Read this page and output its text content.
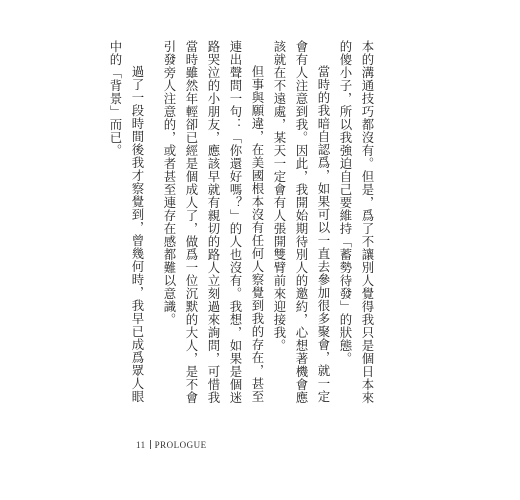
本的溝通技巧都沒有。但是，爲了不讓別人覺得我只是個日本來的傻小子，所以我強迫自己要維持「蓄勢待發」的狀態。

當時的我暗自認爲，如果可以一直去參加很多聚會，就一定會有人注意到我。因此，我開始期待別人的邀約，心想著機會應該就在不遠處，某天一定會有人張開雙臂前來迎接我。

但事與願違，在美國根本沒有任何人察覺到我的存在，甚至連出聲問一句：「你還好嗎？」的人也沒有。我想，如果是個迷路哭泣的小朋友，應該早就有親切的路人立刻過來詢問，可惜我當時雖然年輕卻已經是個成人了，做爲一位沉默的大人，是不會引發旁人注意的，或者甚至連存在感都難以意識。

過了一段時間後我才察覺到，曾幾何時，我早已成爲眾人眼中的「背景」而已。

11 PROLOGUE
